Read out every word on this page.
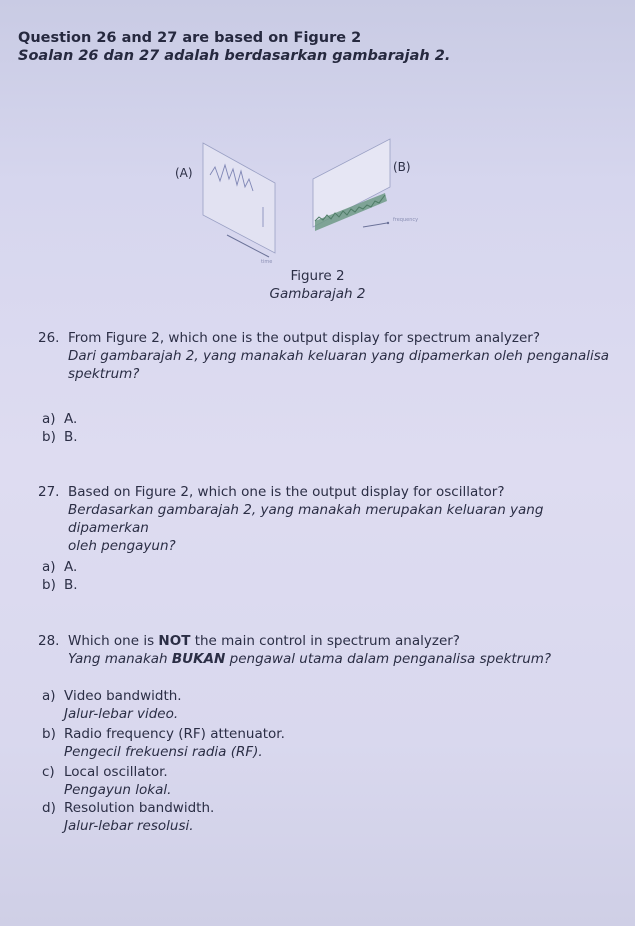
Question 26 and 27 are based on Figure 2
Soalan 26 dan 27 adalah berdasarkan gambarajah 2.
time
frequency
(A)	(B)
Figure 2
Gambarajah 2
26. From Figure 2, which one is the output display for spectrum analyzer?
Dari gambarajah 2, yang manakah keluaran yang dipamerkan oleh penganalisa
spektrum?
a) A.
b) B.
27. Based on Figure 2, which one is the output display for oscillator?
Berdasarkan gambarajah 2, yang manakah merupakan keluaran yang dipamerkan
oleh pengayun?
a) A.
b) B.
28. Which one is NOT the main control in spectrum analyzer?
Yang manakah BUKAN pengawal utama dalam penganalisa spektrum?
a) Video bandwidth.
Jalur-lebar video.
b) Radio frequency (RF) attenuator.
Pengecil frekuensi radia (RF).
c) Local oscillator.
Pengayun lokal.
d) Resolution bandwidth.
Jalur-lebar resolusi.
